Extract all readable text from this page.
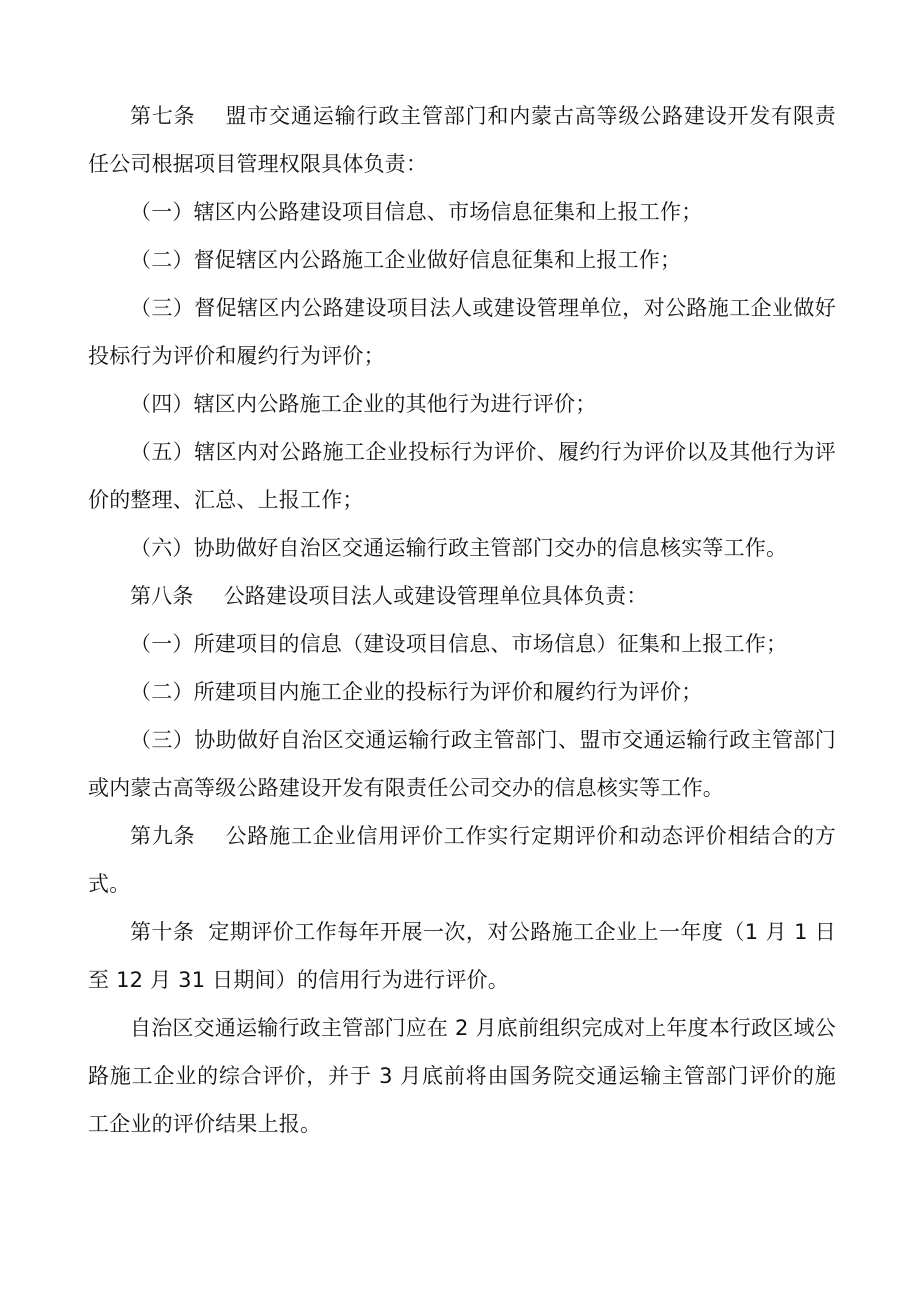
第七条 盟市交通运输行政主管部门和内蒙古高等级公路建设开发有限责任公司根据项目管理权限具体负责：

（一）辖区内公路建设项目信息、市场信息征集和上报工作；

（二）督促辖区内公路施工企业做好信息征集和上报工作；

（三）督促辖区内公路建设项目法人或建设管理单位，对公路施工企业做好投标行为评价和履约行为评价；

（四）辖区内公路施工企业的其他行为进行评价；

（五）辖区内对公路施工企业投标行为评价、履约行为评价以及其他行为评价的整理、汇总、上报工作；

（六）协助做好自治区交通运输行政主管部门交办的信息核实等工作。

第八条 公路建设项目法人或建设管理单位具体负责：

（一）所建项目的信息（建设项目信息、市场信息）征集和上报工作；

（二）所建项目内施工企业的投标行为评价和履约行为评价；

（三）协助做好自治区交通运输行政主管部门、盟市交通运输行政主管部门或内蒙古高等级公路建设开发有限责任公司交办的信息核实等工作。

第九条 公路施工企业信用评价工作实行定期评价和动态评价相结合的方式。

第十条 定期评价工作每年开展一次，对公路施工企业上一年度（1 月 1 日至 12 月 31 日期间）的信用行为进行评价。

自治区交通运输行政主管部门应在 2 月底前组织完成对上年度本行政区域公路施工企业的综合评价，并于 3 月底前将由国务院交通运输主管部门评价的施工企业的评价结果上报。
